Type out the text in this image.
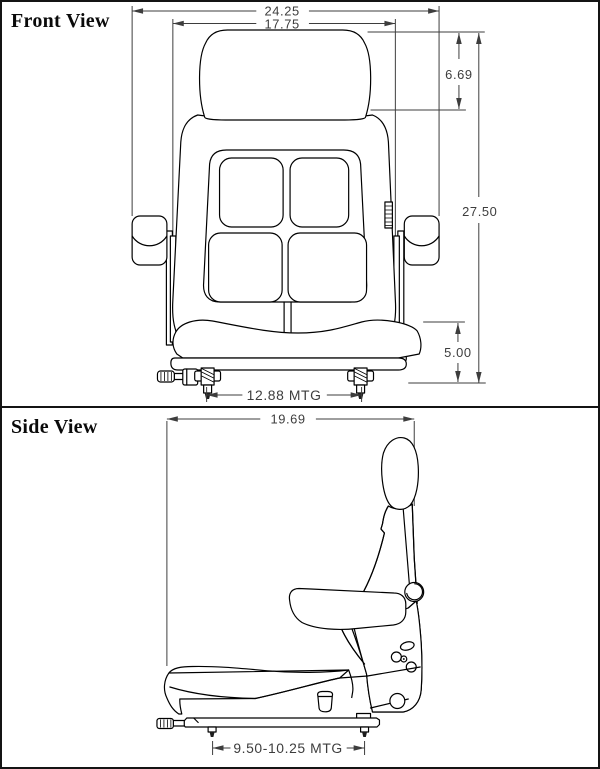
Front View	24.25
17.75
6.69
27.50
5.00
12.88 MTG
Side View	19.69
9.50-10.25 MTG
